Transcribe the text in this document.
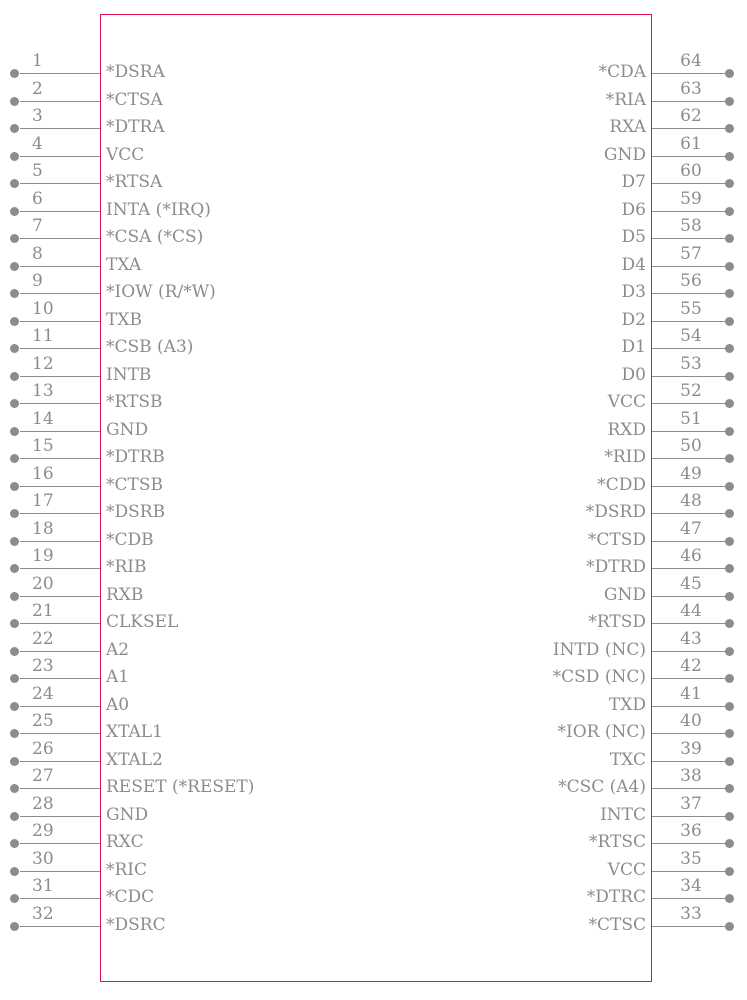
1
*DSRA
2
*CTSA
3
*DTRA
4
VCC
5
*RTSA
6
INTA (*IRQ)
7
*CSA (*CS)
8
TXA
9
*IOW (R/*W)
10
TXB
11
*CSB (A3)
12
INTB
13
*RTSB
14
GND
15
*DTRB
16
*CTSB
17
*DSRB
18
*CDB
19
*RIB
20
RXB
21
CLKSEL
22
A2
23
A1
24
A0
25
XTAL1
26
XTAL2
27
RESET (*RESET)
28
GND
29
RXC
30
*RIC
31
*CDC
32
*DSRC
64
*CDA
63
*RIA
62
RXA
61
GND
60
D7
59
D6
58
D5
57
D4
56
D3
55
D2
54
D1
53
D0
52
VCC
51
RXD
50
*RID
49
*CDD
48
*DSRD
47
*CTSD
46
*DTRD
45
GND
44
*RTSD
43
INTD (NC)
42
*CSD (NC)
41
TXD
40
*IOR (NC)
39
TXC
38
*CSC (A4)
37
INTC
36
*RTSC
35
VCC
34
*DTRC
33
*CTSC
